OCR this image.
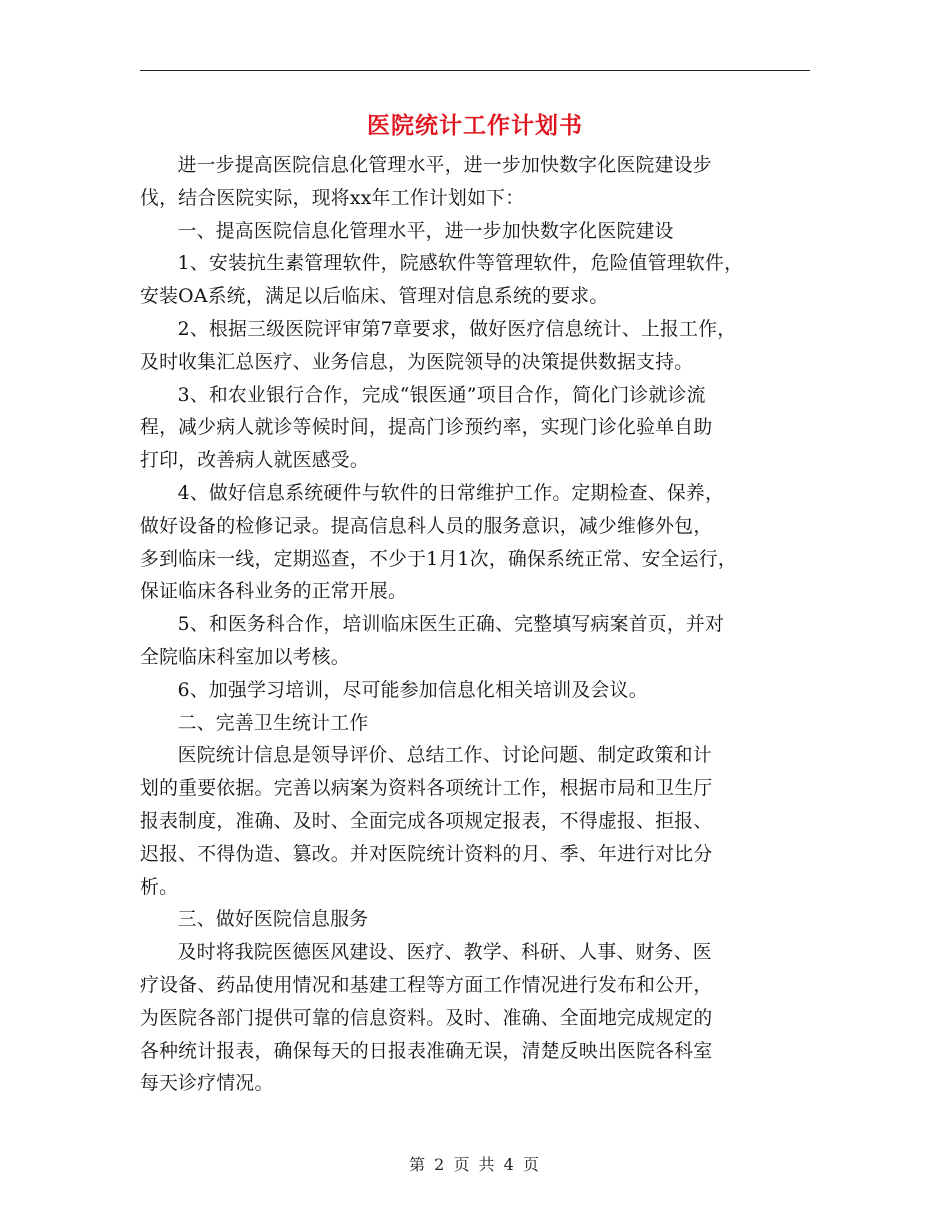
医院统计工作计划书

进一步提高医院信息化管理水平，进一步加快数字化医院建设步
伐，结合医院实际，现将xx年工作计划如下：

一、提高医院信息化管理水平，进一步加快数字化医院建设

1、安装抗生素管理软件，院感软件等管理软件，危险值管理软件，
安装OA系统，满足以后临床、管理对信息系统的要求。

2、根据三级医院评审第7章要求，做好医疗信息统计、上报工作，
及时收集汇总医疗、业务信息，为医院领导的决策提供数据支持。

3、和农业银行合作，完成“银医通”项目合作，简化门诊就诊流
程，减少病人就诊等候时间，提高门诊预约率，实现门诊化验单自助
打印，改善病人就医感受。

4、做好信息系统硬件与软件的日常维护工作。定期检查、保养，
做好设备的检修记录。提高信息科人员的服务意识，减少维修外包，
多到临床一线，定期巡查，不少于1月1次，确保系统正常、安全运行，
保证临床各科业务的正常开展。

5、和医务科合作，培训临床医生正确、完整填写病案首页，并对
全院临床科室加以考核。

6、加强学习培训，尽可能参加信息化相关培训及会议。

二、完善卫生统计工作

医院统计信息是领导评价、总结工作、讨论问题、制定政策和计
划的重要依据。完善以病案为资料各项统计工作，根据市局和卫生厅
报表制度，准确、及时、全面完成各项规定报表，不得虚报、拒报、
迟报、不得伪造、篡改。并对医院统计资料的月、季、年进行对比分
析。

三、做好医院信息服务

及时将我院医德医风建设、医疗、教学、科研、人事、财务、医
疗设备、药品使用情况和基建工程等方面工作情况进行发布和公开，
为医院各部门提供可靠的信息资料。及时、准确、全面地完成规定的
各种统计报表，确保每天的日报表准确无误，清楚反映出医院各科室
每天诊疗情况。

第 2 页 共 4 页
